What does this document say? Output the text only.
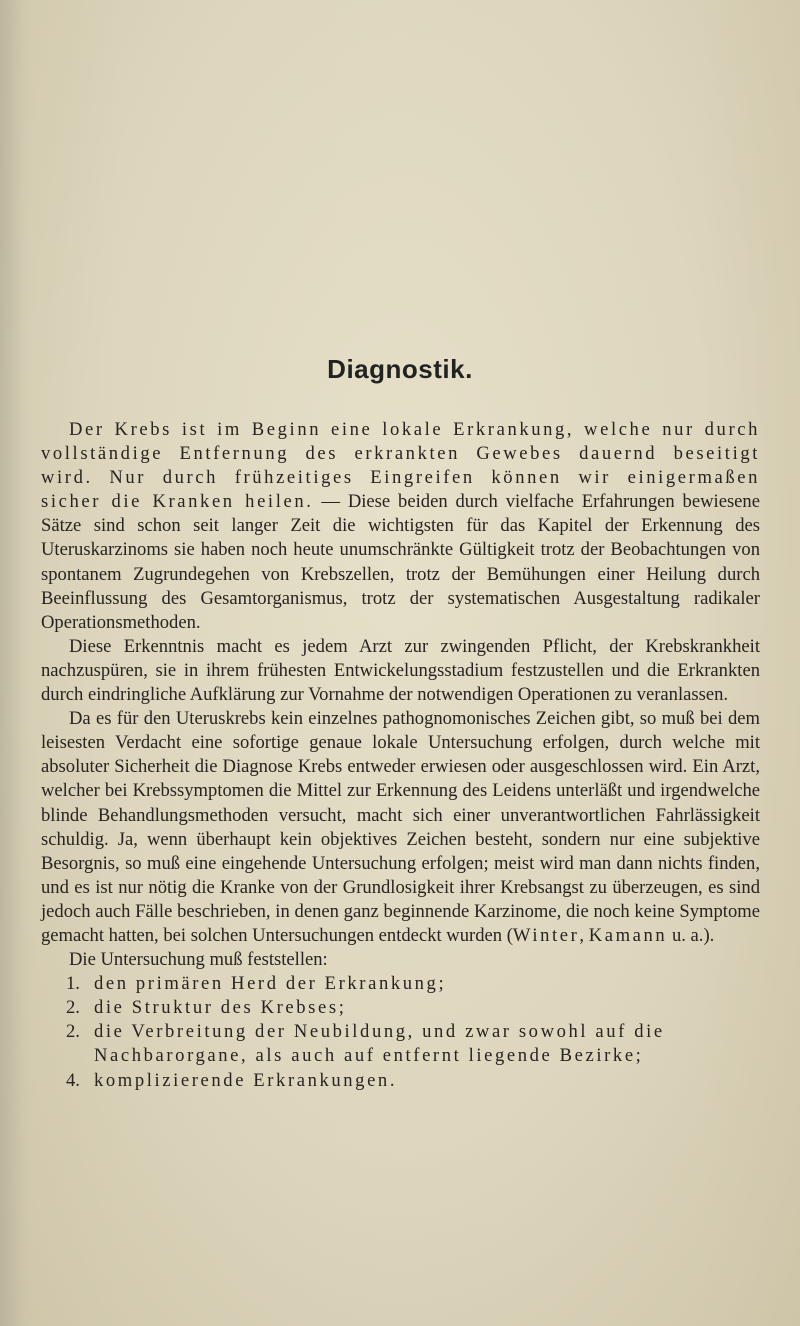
Diagnostik.

Der Krebs ist im Beginn eine lokale Erkrankung, welche nur durch vollständige Entfernung des erkrankten Gewebes dauernd beseitigt wird. Nur durch frühzeitiges Eingreifen können wir einigermaßen sicher die Kranken heilen. — Diese beiden durch vielfache Erfahrungen bewiesene Sätze sind schon seit langer Zeit die wichtigsten für das Kapitel der Erkennung des Uteruskarzinoms sie haben noch heute unumschränkte Gültigkeit trotz der Beobachtungen von spontanem Zugrundegehen von Krebszellen, trotz der Bemühungen einer Heilung durch Beeinflussung des Gesamtorganismus, trotz der systematischen Ausgestaltung radikaler Operationsmethoden.

Diese Erkenntnis macht es jedem Arzt zur zwingenden Pflicht, der Krebskrankheit nachzuspüren, sie in ihrem frühesten Entwickelungsstadium festzustellen und die Erkrankten durch eindringliche Aufklärung zur Vornahme der notwendigen Operationen zu veranlassen.

Da es für den Uteruskrebs kein einzelnes pathognomonisches Zeichen gibt, so muß bei dem leisesten Verdacht eine sofortige genaue lokale Untersuchung erfolgen, durch welche mit absoluter Sicherheit die Diagnose Krebs entweder erwiesen oder ausgeschlossen wird. Ein Arzt, welcher bei Krebssymptomen die Mittel zur Erkennung des Leidens unterläßt und irgendwelche blinde Behandlungsmethoden versucht, macht sich einer unverantwortlichen Fahrlässigkeit schuldig. Ja, wenn überhaupt kein objektives Zeichen besteht, sondern nur eine subjektive Besorgnis, so muß eine eingehende Untersuchung erfolgen; meist wird man dann nichts finden, und es ist nur nötig die Kranke von der Grundlosigkeit ihrer Krebsangst zu überzeugen, es sind jedoch auch Fälle beschrieben, in denen ganz beginnende Karzinome, die noch keine Symptome gemacht hatten, bei solchen Untersuchungen entdeckt wurden (Winter, Kamann u. a.).

Die Untersuchung muß feststellen:

1. den primären Herd der Erkrankung;
2. die Struktur des Krebses;
2. die Verbreitung der Neubildung, und zwar sowohl auf die Nachbarorgane, als auch auf entfernt liegende Bezirke;
4. komplizierende Erkrankungen.
